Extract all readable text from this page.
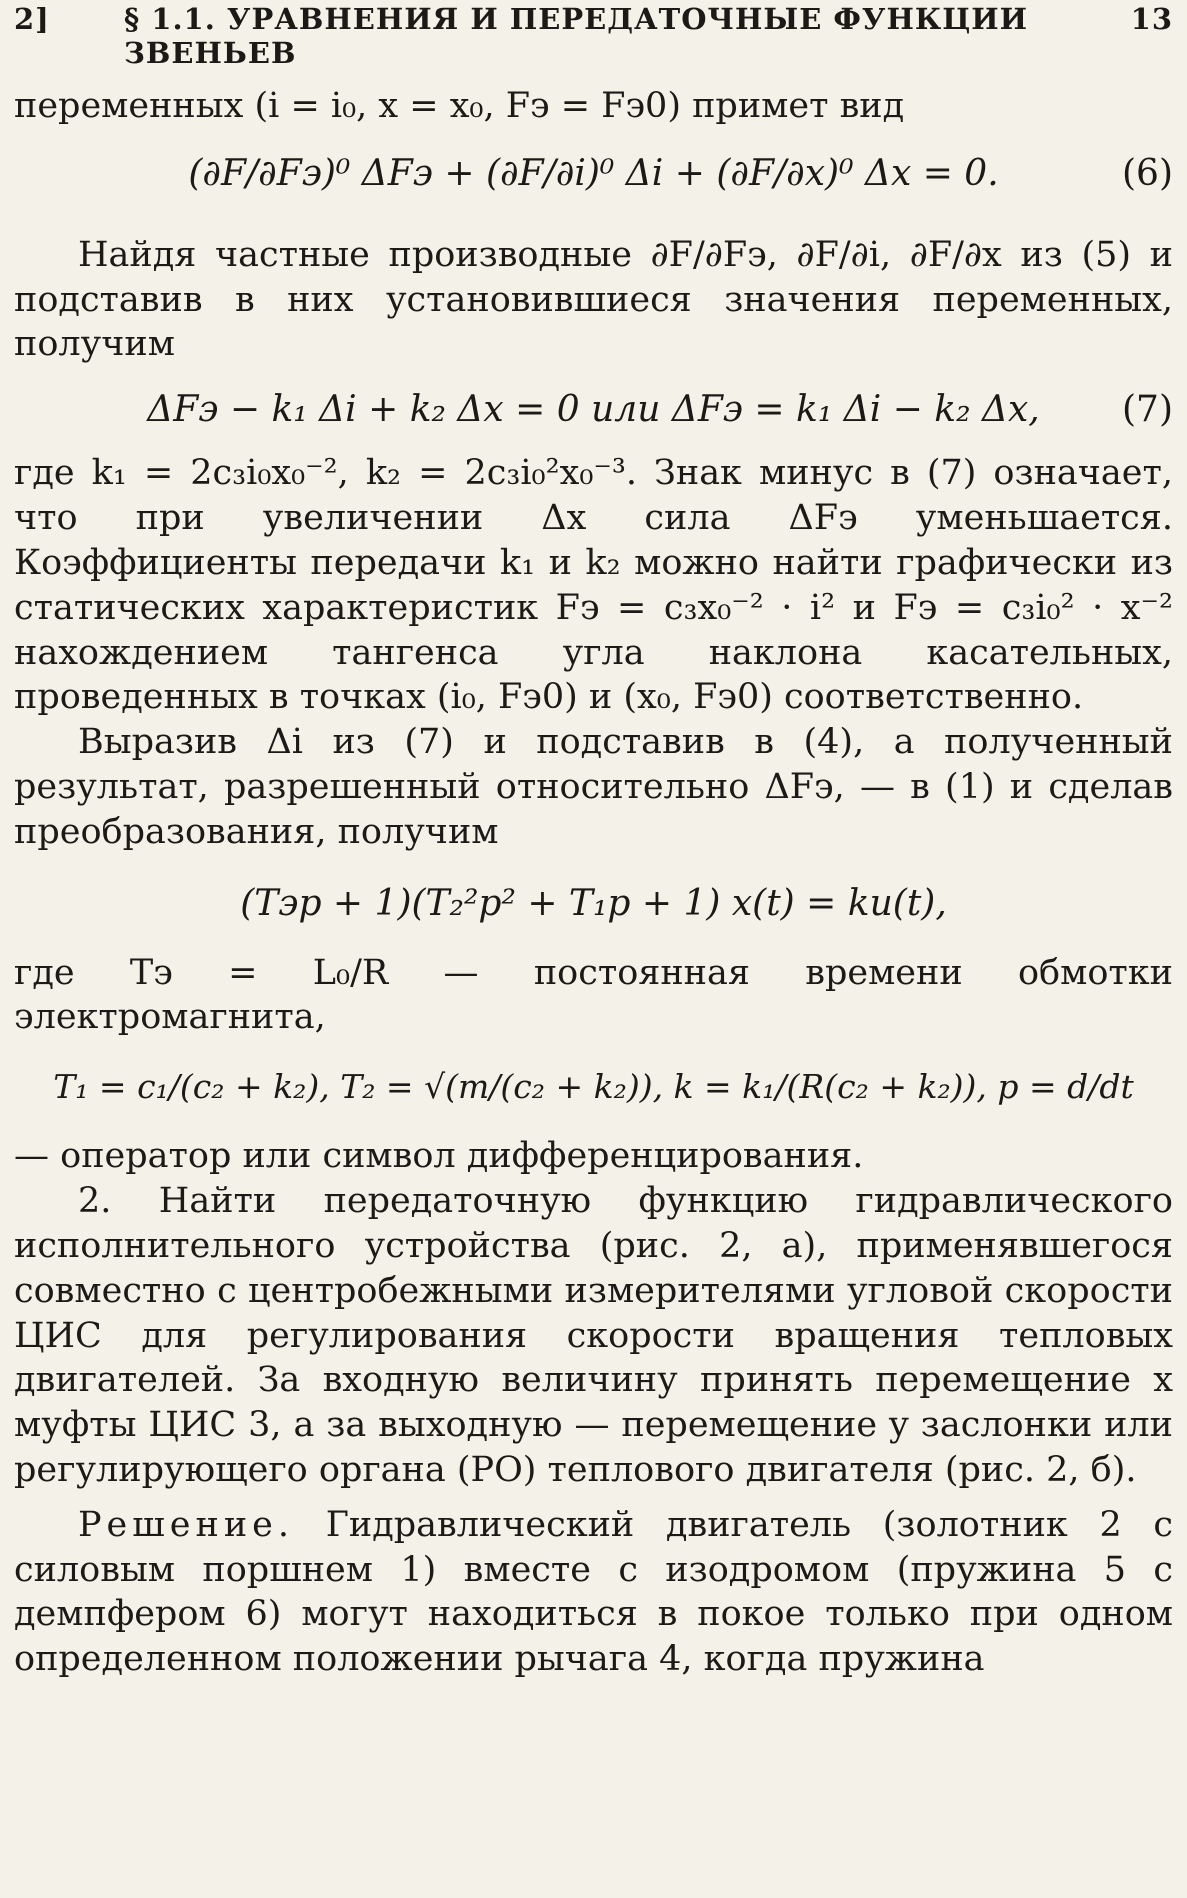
2]	§ 1.1. УРАВНЕНИЯ И ПЕРЕДАТОЧНЫЕ ФУНКЦИИ ЗВЕНЬЕВ
13

переменных (i = i₀, x = x₀, Fэ = Fэ0) примет вид

(∂F/∂Fэ)⁰ ΔFэ + (∂F/∂i)⁰ Δi + (∂F/∂x)⁰ Δx = 0.	(6)

Найдя частные производные ∂F/∂Fэ, ∂F/∂i, ∂F/∂x из (5) и подставив в них установившиеся значения переменных, получим

ΔFэ − k₁ Δi + k₂ Δx = 0 или ΔFэ = k₁ Δi − k₂ Δx, (7)

где k₁ = 2c₃i₀x₀⁻², k₂ = 2c₃i₀²x₀⁻³. Знак минус в (7) означает, что при увеличении Δx сила ΔFэ уменьшается. Коэффициенты передачи k₁ и k₂ можно найти графически из статических характеристик Fэ = c₃x₀⁻² · i² и Fэ = c₃i₀² · x⁻² нахождением тангенса угла наклона касательных, проведенных в точках (i₀, Fэ0) и (x₀, Fэ0) соответственно.

Выразив Δi из (7) и подставив в (4), а полученный результат, разрешенный относительно ΔFэ, — в (1) и сделав преобразования, получим

(Tэp + 1)(T₂²p² + T₁p + 1) x(t) = ku(t),

где Tэ = L₀/R — постоянная времени обмотки электромагнита,

T₁ = c₁/(c₂ + k₂), T₂ = √(m/(c₂ + k₂)), k = k₁/(R(c₂ + k₂)), p = d/dt

— оператор или символ дифференцирования.

2. Найти передаточную функцию гидравлического исполнительного устройства (рис. 2, а), применявшегося совместно с центробежными измерителями угловой скорости ЦИС для регулирования скорости вращения тепловых двигателей. За входную величину принять перемещение x муфты ЦИС 3, а за выходную — перемещение y заслонки или регулирующего органа (РО) теплового двигателя (рис. 2, б).

Решение. Гидравлический двигатель (золотник 2 с силовым поршнем 1) вместе с изодромом (пружина 5 с демпфером 6) могут находиться в покое только при одном определенном положении рычага 4, когда пружина
